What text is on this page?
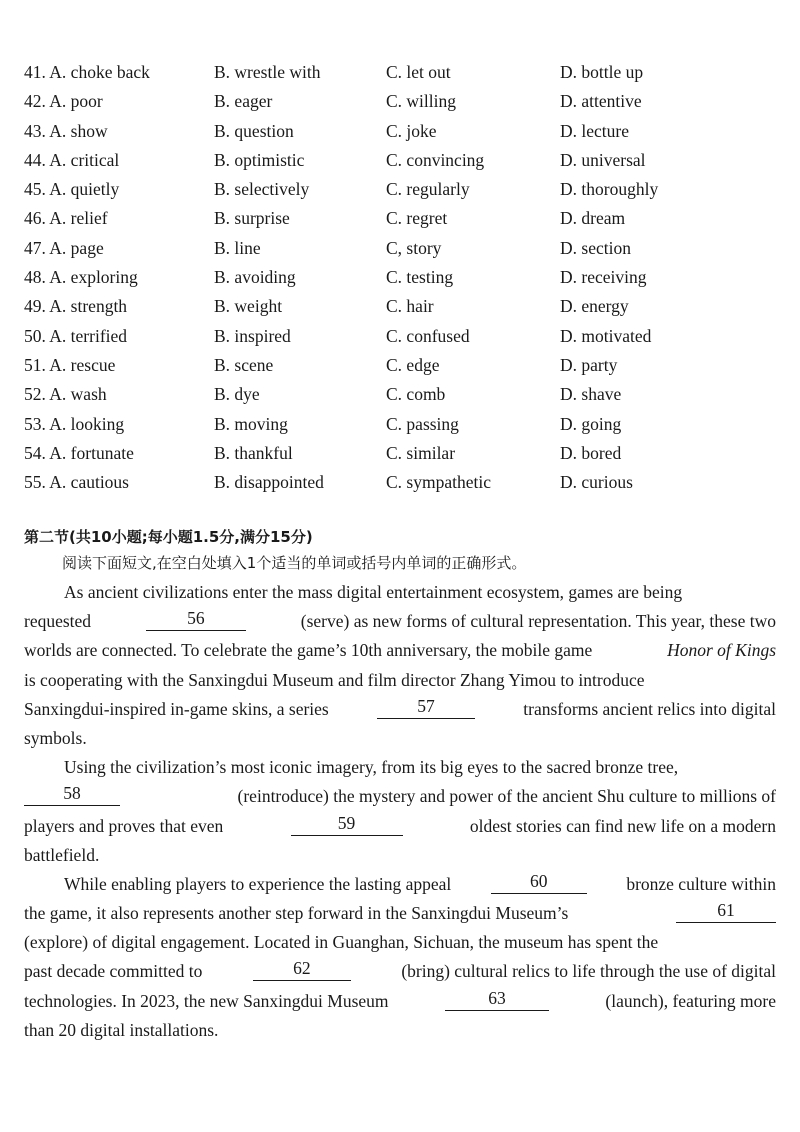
41. A. choke back	B. wrestle with	C. let out	D. bottle up
42. A. poor	B. eager	C. willing	D. attentive
43. A. show	B. question	C. joke	D. lecture
44. A. critical	B. optimistic	C. convincing	D. universal
45. A. quietly	B. selectively	C. regularly	D. thoroughly
46. A. relief	B. surprise	C. regret	D. dream
47. A. page	B. line	C, story	D. section
48. A. exploring	B. avoiding	C. testing	D. receiving
49. A. strength	B. weight	C. hair	D. energy
50. A. terrified	B. inspired	C. confused	D. motivated
51. A. rescue	B. scene	C. edge	D. party
52. A. wash	B. dye	C. comb	D. shave
53. A. looking	B. moving	C. passing	D. going
54. A. fortunate	B. thankful	C. similar	D. bored
55. A. cautious	B. disappointed	C. sympathetic	D. curious
第二节(共10小题;每小题1.5分,满分15分)
阅读下面短文,在空白处填入1个适当的单词或括号内单词的正确形式。
As ancient civilizations enter the mass digital entertainment ecosystem, games are being
requested	56	(serve) as new forms of cultural representation. This year, these two
worlds are connected. To celebrate the game’s 10th anniversary, the mobile game	Honor of Kings
is cooperating with the Sanxingdui Museum and film director Zhang Yimou to introduce
Sanxingdui-inspired in-game skins, a series	57	transforms ancient relics into digital
symbols.
Using the civilization’s most iconic imagery, from its big eyes to the sacred bronze tree,
58	(reintroduce) the mystery and power of the ancient Shu culture to millions of
players and proves that even	59	oldest stories can find new life on a modern
battlefield.
While enabling players to experience the lasting appeal	60	bronze culture within
the game, it also represents another step forward in the Sanxingdui Museum’s	61
(explore) of digital engagement. Located in Guanghan, Sichuan, the museum has spent the
past decade committed to	62	(bring) cultural relics to life through the use of digital
technologies. In 2023, the new Sanxingdui Museum	63	(launch), featuring more
than 20 digital installations.
